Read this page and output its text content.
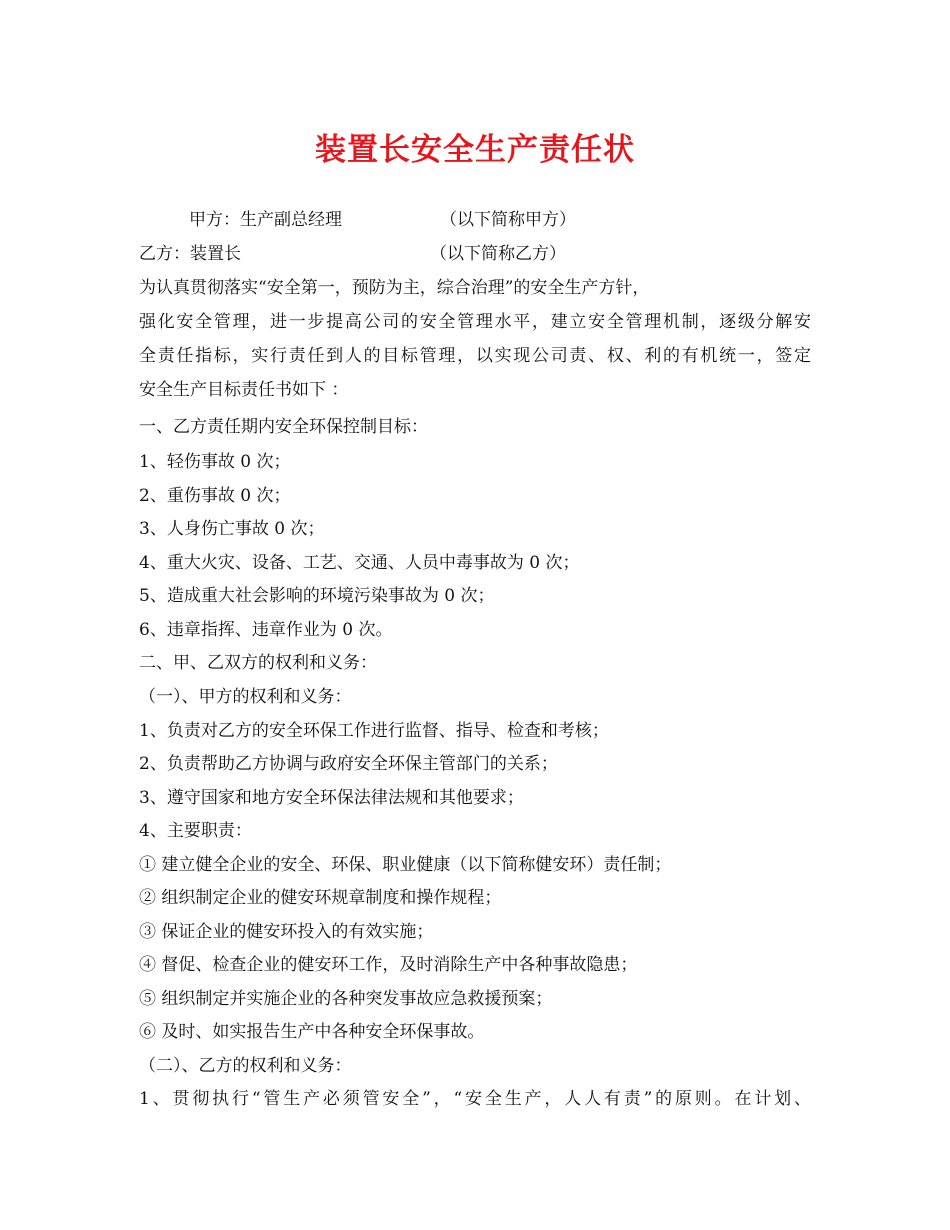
装置长安全生产责任状
甲方：生产副总经理	（以下简称甲方）
乙方：装置长	（以下简称乙方）
为认真贯彻落实“安全第一，预防为主，综合治理”的安全生产方针，
强化安全管理，进一步提高公司的安全管理水平，建立安全管理机制，逐级分解安
全责任指标，实行责任到人的目标管理，以实现公司责、权、利的有机统一，签定
安全生产目标责任书如下 ：
一、乙方责任期内安全环保控制目标：
1、轻伤事故 0 次；
2、重伤事故 0 次；
3、人身伤亡事故 0 次；
4、重大火灾、设备、工艺、交通、人员中毒事故为 0 次；
5、造成重大社会影响的环境污染事故为 0 次；
6、违章指挥、违章作业为 0 次。
二、甲、乙双方的权利和义务：
（一）、甲方的权利和义务：
1、负责对乙方的安全环保工作进行监督、指导、检查和考核；
2、负责帮助乙方协调与政府安全环保主管部门的关系；
3、遵守国家和地方安全环保法律法规和其他要求；
4、主要职责：
① 建立健全企业的安全、环保、职业健康（以下简称健安环）责任制；
② 组织制定企业的健安环规章制度和操作规程；
③ 保证企业的健安环投入的有效实施；
④ 督促、检查企业的健安环工作，及时消除生产中各种事故隐患；
⑤ 组织制定并实施企业的各种突发事故应急救援预案；
⑥ 及时、如实报告生产中各种安全环保事故。
（二）、乙方的权利和义务：
1、贯彻执行“管生产必须管安全”，“安全生产，人人有责”的原则。在计划、
